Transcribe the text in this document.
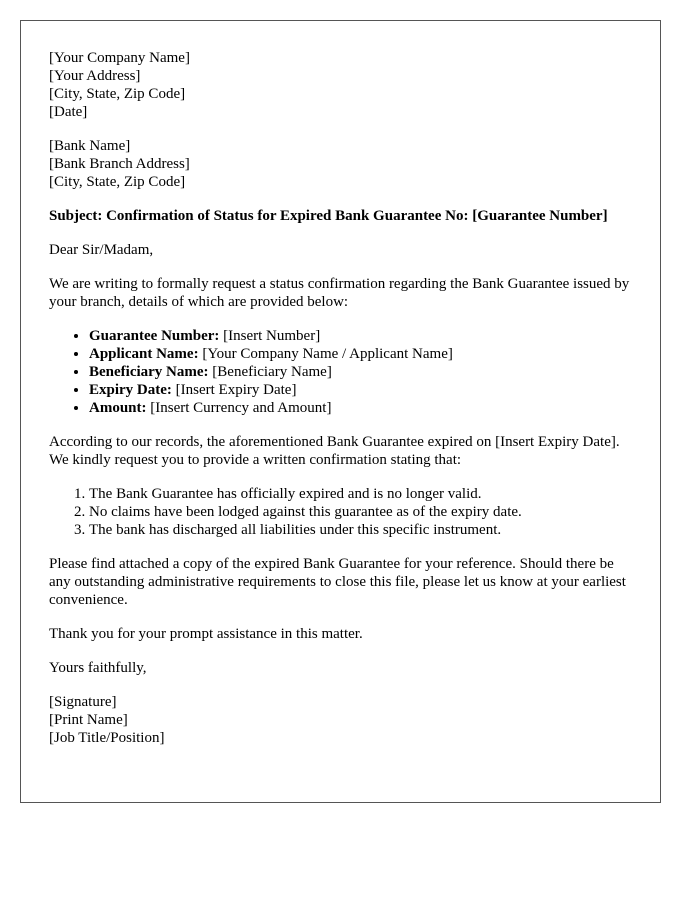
[Your Company Name]
[Your Address]
[City, State, Zip Code]
[Date]

[Bank Name]
[Bank Branch Address]
[City, State, Zip Code]

Subject: Confirmation of Status for Expired Bank Guarantee No: [Guarantee Number]

Dear Sir/Madam,

We are writing to formally request a status confirmation regarding the Bank Guarantee issued by your branch, details of which are provided below:

• Guarantee Number: [Insert Number]
• Applicant Name: [Your Company Name / Applicant Name]
• Beneficiary Name: [Beneficiary Name]
• Expiry Date: [Insert Expiry Date]
• Amount: [Insert Currency and Amount]

According to our records, the aforementioned Bank Guarantee expired on [Insert Expiry Date]. We kindly request you to provide a written confirmation stating that:

1. The Bank Guarantee has officially expired and is no longer valid.
2. No claims have been lodged against this guarantee as of the expiry date.
3. The bank has discharged all liabilities under this specific instrument.

Please find attached a copy of the expired Bank Guarantee for your reference. Should there be any outstanding administrative requirements to close this file, please let us know at your earliest convenience.

Thank you for your prompt assistance in this matter.

Yours faithfully,

[Signature]
[Print Name]
[Job Title/Position]
